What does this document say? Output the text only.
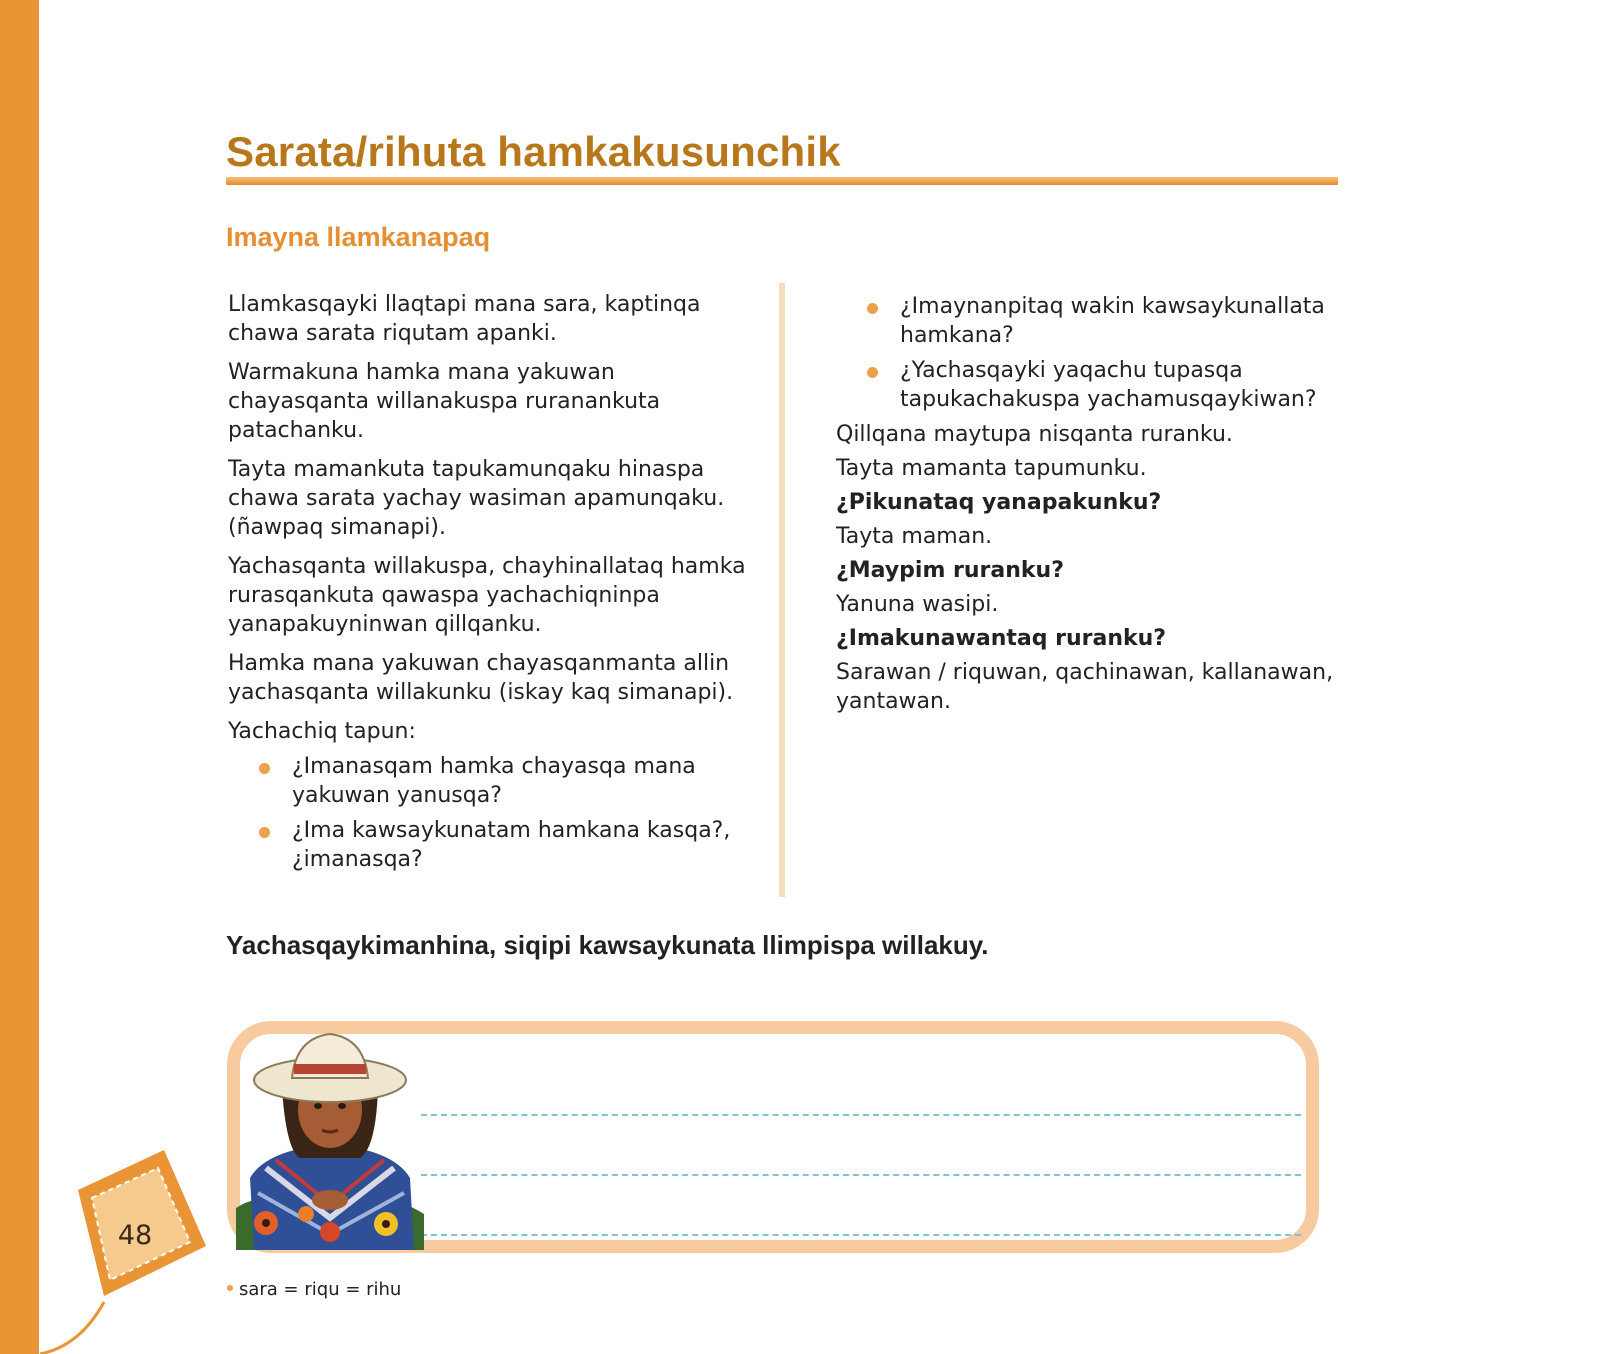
Sarata/rihuta hamkakusunchik
Imayna llamkanapaq

Llamkasqayki llaqtapi mana sara, kaptinqa chawa sarata riqutam apanki.

Warmakuna hamka mana yakuwan chayasqanta willanakuspa ruranankuta patachanku.

Tayta mamankuta tapukamunqaku hinaspa chawa sarata yachay wasiman apamunqaku. (ñawpaq simanapi).

Yachasqanta willakuspa, chayhinallataq hamka rurasqankuta qawaspa yachachiqninpa yanapakuyninwan qillqanku.

Hamka mana yakuwan chayasqanmanta allin yachasqanta willakunku (iskay kaq simanapi).

Yachachiq tapun:

¿Imanasqam hamka chayasqa mana yakuwan yanusqa?
¿Ima kawsaykunatam hamkana kasqa?, ¿imanasqa?
¿Imaynanpitaq wakin kawsaykunallata hamkana?
¿Yachasqayki yaqachu tupasqa tapukachakuspa yachamusqaykiwan?

Qillqana maytupa nisqanta ruranku.

Tayta mamanta tapumunku.

¿Pikunataq yanapakunku?

Tayta maman.

¿Maypim ruranku?

Yanuna wasipi.

¿Imakunawantaq ruranku?

Sarawan / riquwan, qachinawan, kallanawan, yantawan.

Yachasqaykimanhina, siqipi kawsaykunata llimpispa willakuy.

48
sara = riqu = rihu
